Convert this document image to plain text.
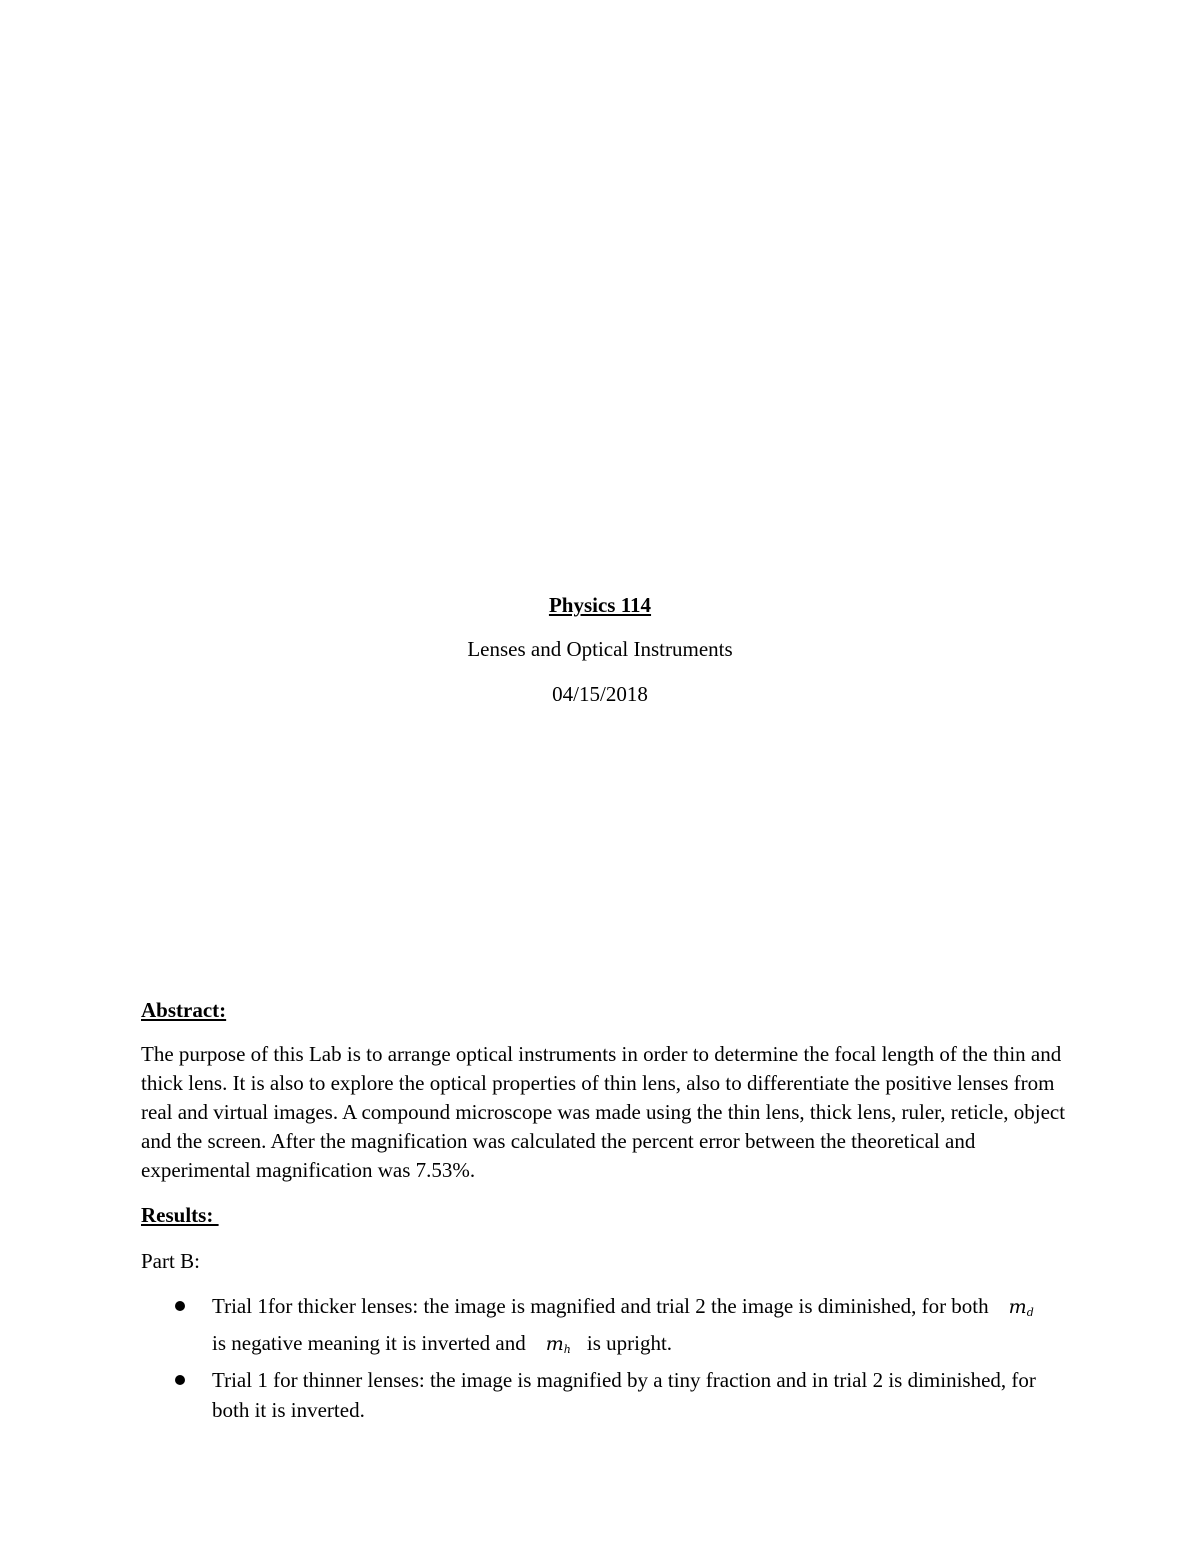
Physics 114
Lenses and Optical Instruments
04/15/2018
Abstract:
The purpose of this Lab is to arrange optical instruments in order to determine the focal length of the thin and thick lens. It is also to explore the optical properties of thin lens, also to differentiate the positive lenses from real and virtual images. A compound microscope was made using the thin lens, thick lens, ruler, reticle, object and the screen. After the magnification was calculated the percent error between the theoretical and experimental magnification was 7.53%.
Results:
Part B:
Trial 1for thicker lenses: the image is magnified and trial 2 the image is diminished, for both $m_dis$ negative meaning it is inverted and $m_h$ is upright.
Trial 1 for thinner lenses: the image is magnified by a tiny fraction and in trial 2 is diminished, for both it is inverted.
